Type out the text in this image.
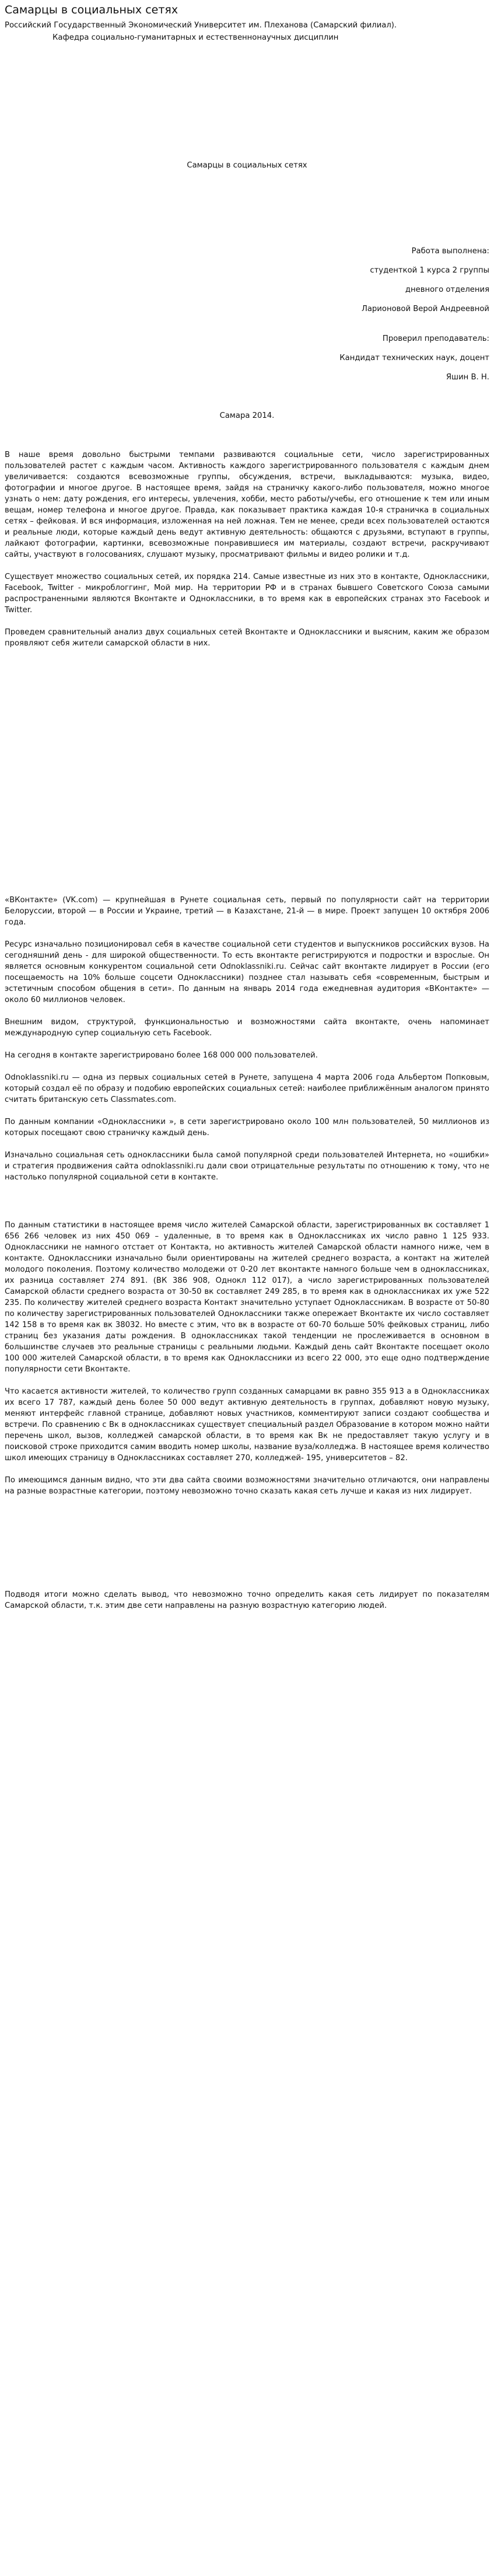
Самарцы в социальных сетях

Российский Государственный Экономический Университет им. Плеханова (Самарский филиал).

Кафедра социально-гуманитарных и естественнонаучных дисциплин

Самарцы в социальных сетях

Работа выполнена:

студенткой 1 курса 2 группы

дневного отделения

Ларионовой Верой Андреевной

Проверил преподаватель:

Кандидат технических наук, доцент

Яшин В. Н.

Самара 2014.

В наше время довольно быстрыми темпами развиваются социальные сети, число зарегистрированных пользователей растет с каждым часом. Активность каждого зарегистрированного пользователя с каждым днем увеличивается: создаются всевозможные группы, обсуждения, встречи, выкладываются: музыка, видео, фотографии и многое другое. В настоящее время, зайдя на страничку какого-либо пользователя, можно многое узнать о нем: дату рождения, его интересы, увлечения, хобби, место работы/учебы, его отношение к тем или иным вещам, номер телефона и многое другое. Правда, как показывает практика каждая 10-я страничка в социальных сетях – фейковая. И вся информация, изложенная на ней ложная. Тем не менее, среди всех пользователей остаются и реальные люди, которые каждый день ведут активную деятельность: общаются с друзьями, вступают в группы, лайкают фотографии, картинки, всевозможные понравившиеся им материалы, создают встречи, раскручивают сайты, участвуют в голосованиях, слушают музыку, просматривают фильмы и видео ролики и т.д.

Существует множество социальных сетей, их порядка 214. Самые известные из них это в контакте, Одноклассники, Facebook, Twitter - микроблоггинг, Мой мир. На территории РФ и в странах бывшего Советского Союза самыми распространенными являются Вконтакте и Одноклассники, в то время как в европейских странах это Facebook и Twitter.

Проведем сравнительный анализ двух социальных сетей Вконтакте и Одноклассники и выясним, каким же образом проявляют себя жители самарской области в них.

«ВКонтакте» (VK.com) — крупнейшая в Рунете социальная сеть, первый по популярности сайт на территории Белоруссии, второй — в России и Украине, третий — в Казахстане, 21-й — в мире. Проект запущен 10 октября 2006 года.

Ресурс изначально позиционировал себя в качестве социальной сети студентов и выпускников российских вузов. На сегодняшний день - для широкой общественности. То есть вконтакте регистрируются и подростки и взрослые. Он является основным конкурентом социальной сети Odnoklassniki.ru. Сейчас сайт вконтакте лидирует в России (его посещаемость на 10% больше соцсети Одноклассники) позднее стал называть себя «современным, быстрым и эстетичным способом общения в сети». По данным на январь 2014 года ежедневная аудитория «ВКонтакте» — около 60 миллионов человек.

Внешним видом, структурой, функциональностью и возможностями сайта вконтакте, очень напоминает международную супер социальную сеть Facebook.

На сегодня в контакте зарегистрировано более 168 000 000 пользователей.

Odnoklassniki.ru — одна из первых социальных сетей в Рунете, запущена 4 марта 2006 года Альбертом Попковым, который создал её по образу и подобию европейских социальных сетей: наиболее приближённым аналогом принято считать британскую сеть Classmates.com.

По данным компании «Одноклассники », в сети зарегистрировано около 100 млн пользователей, 50 миллионов из которых посещают свою страничку каждый день.

Изначально социальная сеть одноклассники была самой популярной среди пользователей Интернета, но «ошибки» и стратегия продвижения сайта odnoklassniki.ru дали свои отрицательные результаты по отношению к тому, что не настолько популярной социальной сети в контакте.

По данным статистики в настоящее время число жителей Самарской области, зарегистрированных вк составляет 1 656 266 человек из них 450 069 – удаленные, в то время как в Одноклассниках их число равно 1 125 933. Одноклассники не намного отстает от Контакта, но активность жителей Самарской области намного ниже, чем в контакте. Одноклассники изначально были ориентированы на жителей среднего возраста, а контакт на жителей молодого поколения. Поэтому количество молодежи от 0-20 лет вконтакте намного больше чем в одноклассниках, их разница составляет 274 891. (ВК 386 908, Однокл 112 017), а число зарегистрированных пользователей Самарской области среднего возраста от 30-50 вк составляет 249 285, в то время как в одноклассниках их уже 522 235. По количеству жителей среднего возраста Контакт значительно уступает Одноклассникам. В возрасте от 50-80 по количеству зарегистрированных пользователей Одноклассники также опережает Вконтакте их число составляет 142 158 в то время как вк 38032. Но вместе с этим, что вк в возрасте от 60-70 больше 50% фейковых страниц, либо страниц без указания даты рождения. В одноклассниках такой тенденции не прослеживается в основном в большинстве случаев это реальные страницы с реальными людьми. Каждый день сайт Вконтакте посещает около 100 000 жителей Самарской области, в то время как Одноклассники из всего 22 000, это еще одно подтверждение популярности сети Вконтакте.

Что касается активности жителей, то количество групп созданных самарцами вк равно 355 913 а в Одноклассниках их всего 17 787, каждый день более 50 000 ведут активную деятельность в группах, добавляют новую музыку, меняют интерфейс главной странице, добавляют новых участников, комментируют записи создают сообщества и встречи. По сравнению с Вк в одноклассниках существует специальный раздел Образование в котором можно найти перечень школ, вызов, колледжей самарской области, в то время как Вк не предоставляет такую услугу и в поисковой строке приходится самим вводить номер школы, название вуза/колледжа. В настоящее время количество школ имеющих страницу в Одноклассниках составляет 270, колледжей- 195, университетов – 82.

По имеющимся данным видно, что эти два сайта своими возможностями значительно отличаются, они направлены на разные возрастные категории, поэтому невозможно точно сказать какая сеть лучше и какая из них лидирует.

Подводя итоги можно сделать вывод, что невозможно точно определить какая сеть лидирует по показателям Самарской области, т.к. этим две сети направлены на разную возрастную категорию людей.
